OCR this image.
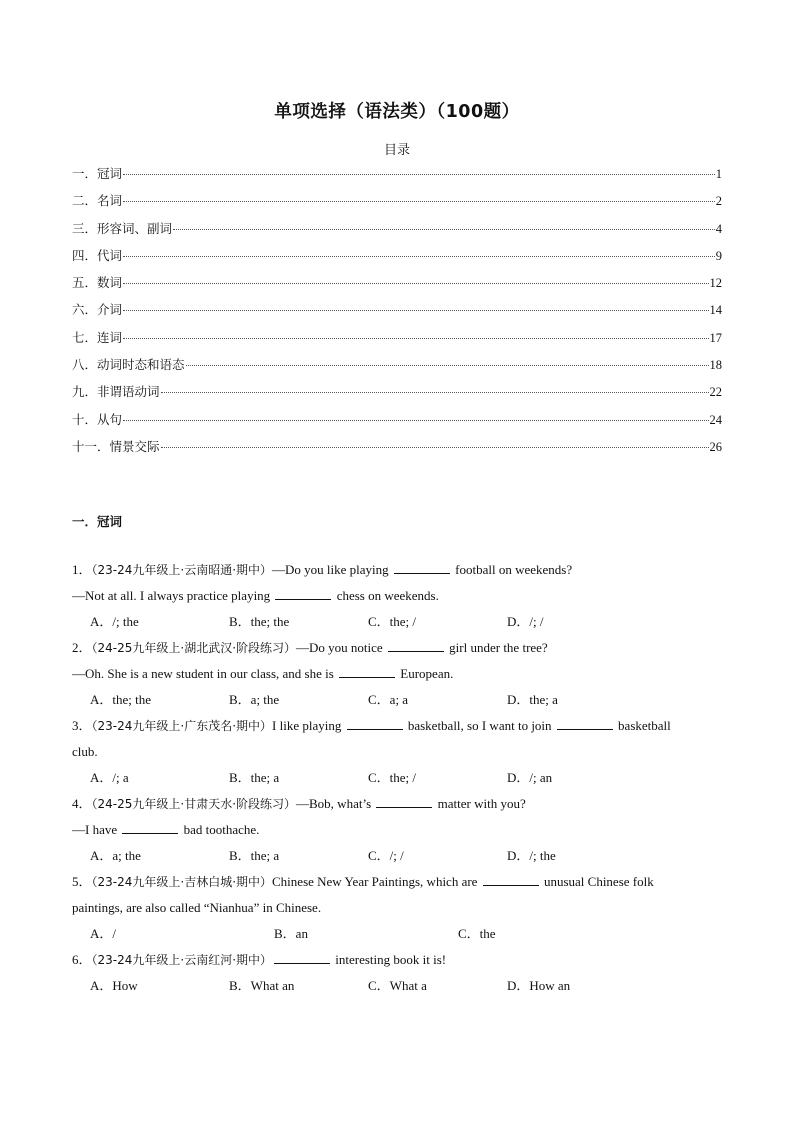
单项选择（语法类）（100题）
目录
一．冠词	1
二．名词	2
三．形容词、副词	4
四．代词	9
五．数词	12
六．介词	14
七．连词	17
八．动词时态和语态	18
九．非谓语动词	22
十．从句	24
十一．情景交际	26
一．冠词
1．（23-24九年级上·云南昭通·期中）—Do you like playing	football on weekends?
—Not at all. I always practice playing	chess on weekends.
A．/; the	B．the; the	C．the; /	D．/; /
2．（24-25九年级上·湖北武汉·阶段练习）—Do you notice	girl under the tree?
—Oh. She is a new student in our class, and she is	European.
A．the; the	B．a; the	C．a; a	D．the; a
3．（23-24九年级上·广东茂名·期中）I like playing	basketball, so I want to join	basketball
club.
A．/; a	B．the; a	C．the; /	D．/; an
4．（24-25九年级上·甘肃天水·阶段练习）—Bob, what’s	matter with you?
—I have	bad toothache.
A．a; the	B．the; a	C．/; /	D．/; the
5．（23-24九年级上·吉林白城·期中）Chinese New Year Paintings, which are	unusual Chinese folk
paintings, are also called “Nianhua” in Chinese.
A．/	B．an	C．the
6．（23-24九年级上·云南红河·期中）	interesting book it is!
A．How	B．What an	C．What a	D．How an
